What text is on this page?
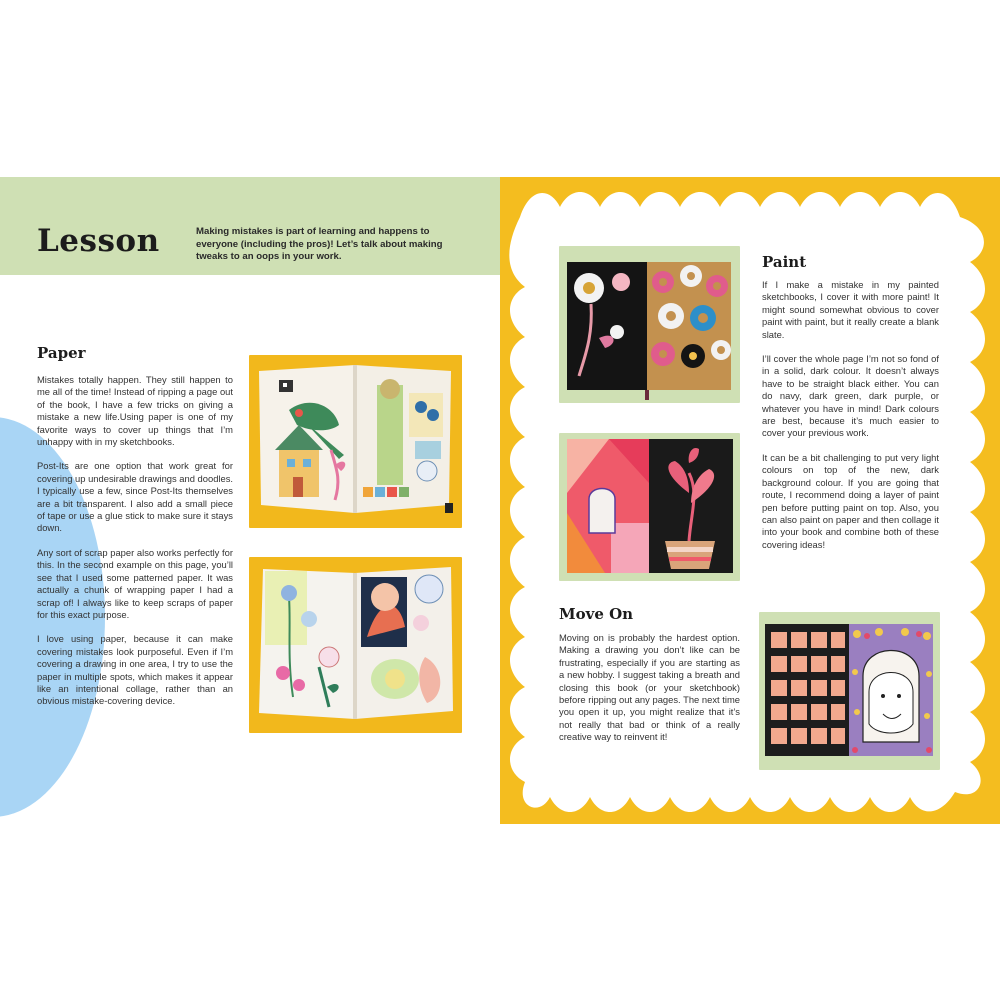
Lesson	Making mistakes is part of learning and happens to everyone (including the pros)! Let’s talk about making tweaks to an oops in your work.
Paper

Mistakes totally happen. They still happen to me all of the time! Instead of ripping a page out of the book, I have a few tricks on giving a mistake a new life.Using paper is one of my favorite ways to cover up things that I’m unhappy with in my sketchbooks.

Post-Its are one option that work great for covering up undesirable drawings and doodles. I typically use a few, since Post-Its themselves are a bit transparent. I also add a small piece of tape or use a glue stick to make sure it stays down.

Any sort of scrap paper also works perfectly for this. In the second example on this page, you’ll see that I used some patterned paper. It was actually a chunk of wrapping paper I had a scrap of! I always like to keep scraps of paper for this exact purpose.

I love using paper, because it can make covering mistakes look purposeful. Even if I’m covering a drawing in one area, I try to use the paper in multiple spots, which makes it appear like an intentional collage, rather than an obvious mistake-covering device.

Paint

If I make a mistake in my painted sketchbooks, I cover it with more paint! It might sound somewhat obvious to cover paint with paint, but it really create a blank slate.

I’ll cover the whole page I’m not so fond of in a solid, dark colour. It doesn’t always have to be straight black either. You can do navy, dark green, dark purple, or whatever you have in mind! Dark colours are best, because it’s much easier to cover your previous work.

It can be a bit challenging to put very light colours on top of the new, dark background colour. If you are going that route, I recommend doing a layer of paint pen before putting paint on top. Also, you can also paint on paper and then collage it into your book and combine both of these covering ideas!

Move On

Moving on is probably the hardest option. Making a drawing you don’t like can be frustrating, especially if you are starting as a new hobby. I suggest taking a breath and closing this book (or your sketchbook) before ripping out any pages. The next time you open it up, you might realize that it’s not really that bad or think of a really creative way to reinvent it!
